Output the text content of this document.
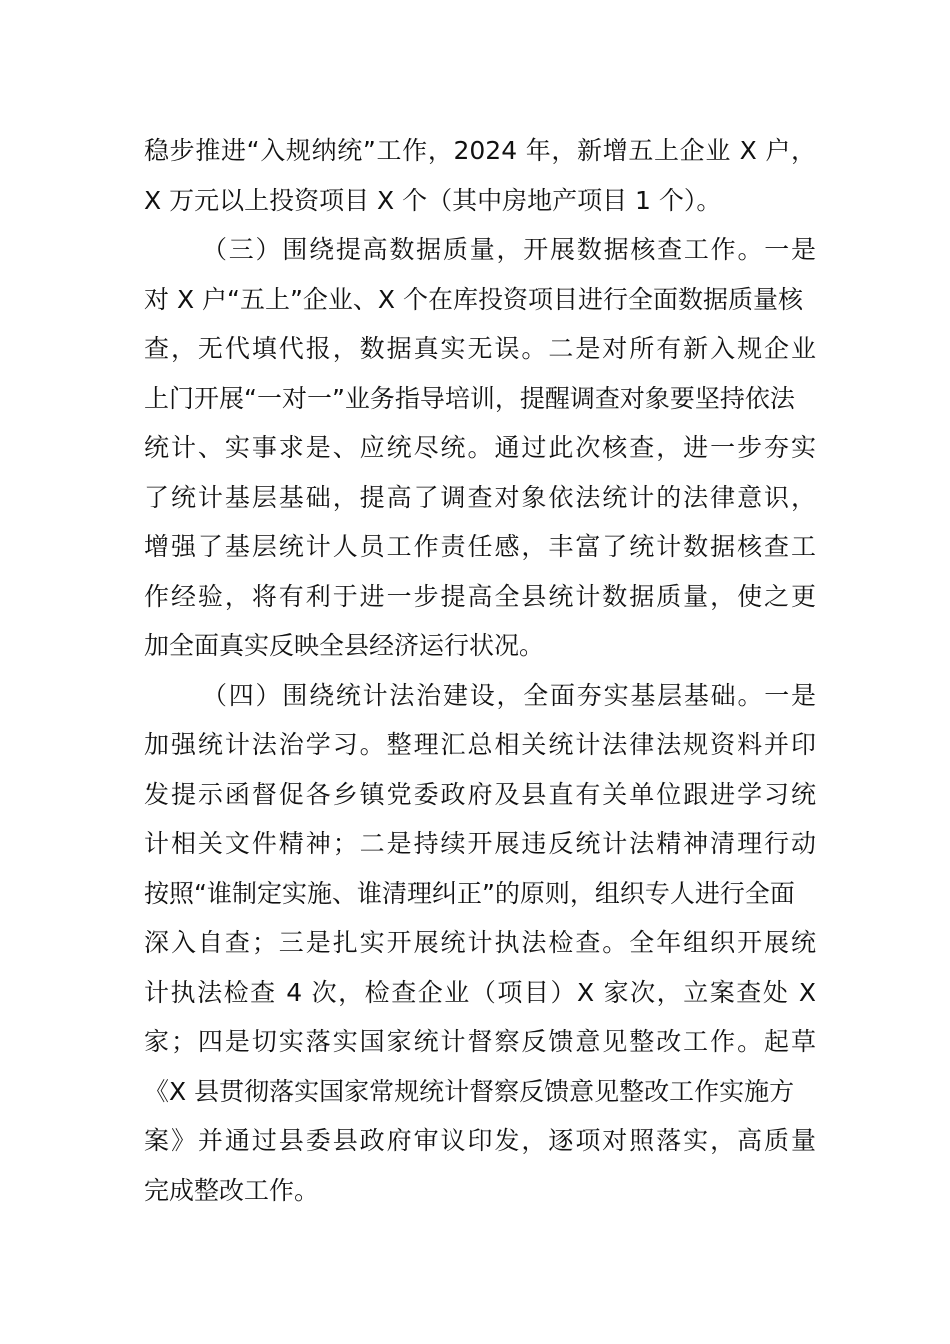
稳步推进“入规纳统”工作，2024 年，新增五上企业 X 户，
X 万元以上投资项目 X 个（其中房地产项目 1 个）。
（三）围绕提高数据质量，开展数据核查工作。一是
对 X 户“五上”企业、X 个在库投资项目进行全面数据质量核
查，无代填代报，数据真实无误。二是对所有新入规企业
上门开展“一对一”业务指导培训，提醒调查对象要坚持依法
统计、实事求是、应统尽统。通过此次核查，进一步夯实
了统计基层基础，提高了调查对象依法统计的法律意识，
增强了基层统计人员工作责任感，丰富了统计数据核查工
作经验，将有利于进一步提高全县统计数据质量，使之更
加全面真实反映全县经济运行状况。
（四）围绕统计法治建设，全面夯实基层基础。一是
加强统计法治学习。整理汇总相关统计法律法规资料并印
发提示函督促各乡镇党委政府及县直有关单位跟进学习统
计相关文件精神；二是持续开展违反统计法精神清理行动
按照“谁制定实施、谁清理纠正”的原则，组织专人进行全面
深入自查；三是扎实开展统计执法检查。全年组织开展统
计执法检查 4 次，检查企业（项目）X 家次，立案查处 X
家；四是切实落实国家统计督察反馈意见整改工作。起草
《X 县贯彻落实国家常规统计督察反馈意见整改工作实施方
案》并通过县委县政府审议印发，逐项对照落实，高质量
完成整改工作。
